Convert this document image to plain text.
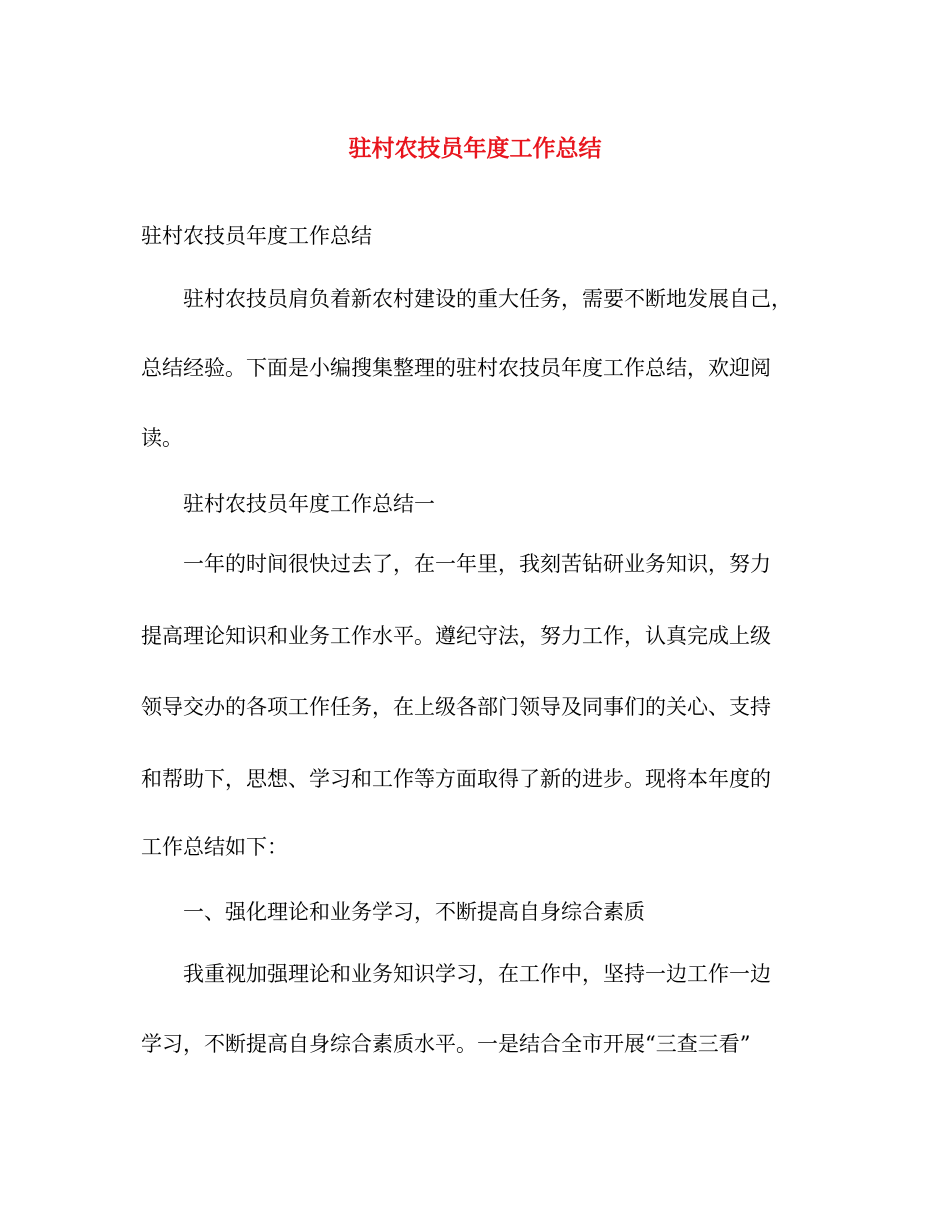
驻村农技员年度工作总结
驻村农技员年度工作总结
驻村农技员肩负着新农村建设的重大任务，需要不断地发展自己，
总结经验。下面是小编搜集整理的驻村农技员年度工作总结，欢迎阅
读。
驻村农技员年度工作总结一
一年的时间很快过去了，在一年里，我刻苦钻研业务知识，努力
提高理论知识和业务工作水平。遵纪守法，努力工作，认真完成上级
领导交办的各项工作任务，在上级各部门领导及同事们的关心、支持
和帮助下，思想、学习和工作等方面取得了新的进步。现将本年度的
工作总结如下：
一、强化理论和业务学习，不断提高自身综合素质
我重视加强理论和业务知识学习，在工作中，坚持一边工作一边
学习，不断提高自身综合素质水平。一是结合全市开展“三查三看”
